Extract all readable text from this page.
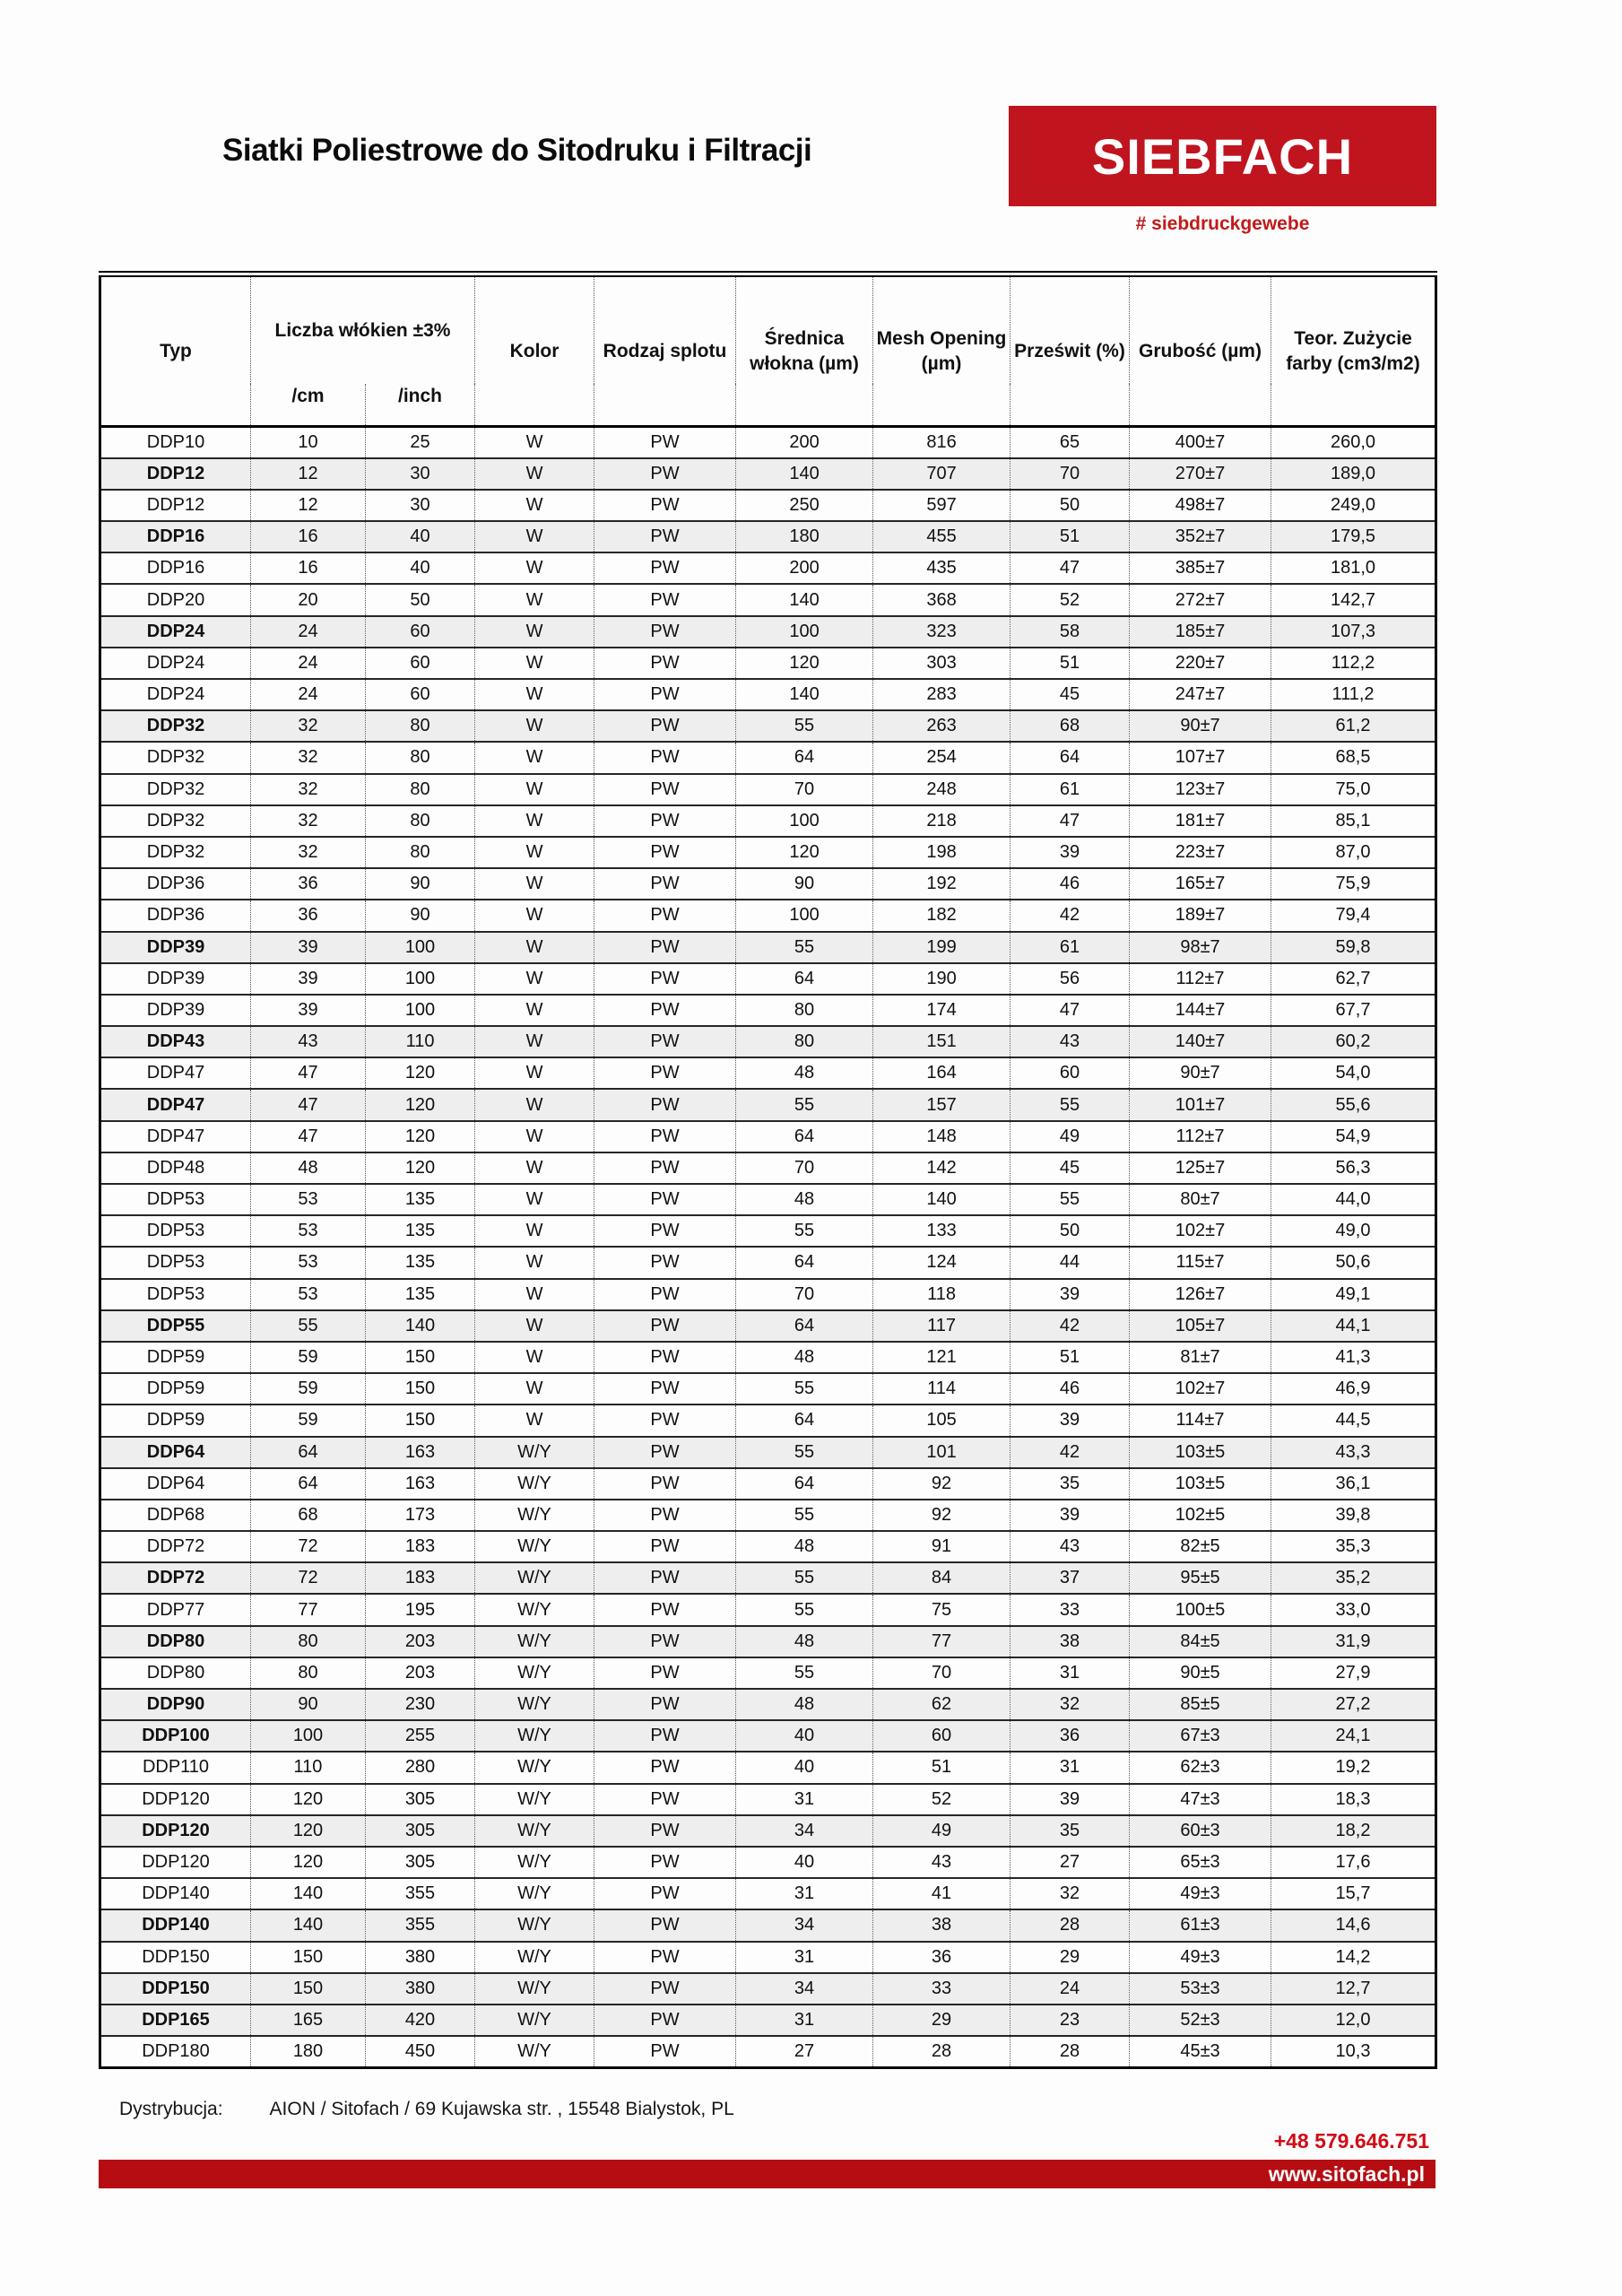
Siatki Poliestrowe do Sitodruku i Filtracji	SIEBFACH
# siebdruckgewebe
Typ	Liczba włókien ±3%		Kolor	Rodzaj splotu	Średnica włokna (µm)	Mesh Opening (µm)	Prześwit (%)	Grubość (µm)	Teor. Zużycie farby (cm3/m2)
	/cm	/inch							
DDP10	10	25	W	PW	200	816	65	400±7	260,0
DDP12	12	30	W	PW	140	707	70	270±7	189,0
DDP12	12	30	W	PW	250	597	50	498±7	249,0
DDP16	16	40	W	PW	180	455	51	352±7	179,5
DDP16	16	40	W	PW	200	435	47	385±7	181,0
DDP20	20	50	W	PW	140	368	52	272±7	142,7
DDP24	24	60	W	PW	100	323	58	185±7	107,3
DDP24	24	60	W	PW	120	303	51	220±7	112,2
DDP24	24	60	W	PW	140	283	45	247±7	111,2
DDP32	32	80	W	PW	55	263	68	90±7	61,2
DDP32	32	80	W	PW	64	254	64	107±7	68,5
DDP32	32	80	W	PW	70	248	61	123±7	75,0
DDP32	32	80	W	PW	100	218	47	181±7	85,1
DDP32	32	80	W	PW	120	198	39	223±7	87,0
DDP36	36	90	W	PW	90	192	46	165±7	75,9
DDP36	36	90	W	PW	100	182	42	189±7	79,4
DDP39	39	100	W	PW	55	199	61	98±7	59,8
DDP39	39	100	W	PW	64	190	56	112±7	62,7
DDP39	39	100	W	PW	80	174	47	144±7	67,7
DDP43	43	110	W	PW	80	151	43	140±7	60,2
DDP47	47	120	W	PW	48	164	60	90±7	54,0
DDP47	47	120	W	PW	55	157	55	101±7	55,6
DDP47	47	120	W	PW	64	148	49	112±7	54,9
DDP48	48	120	W	PW	70	142	45	125±7	56,3
DDP53	53	135	W	PW	48	140	55	80±7	44,0
DDP53	53	135	W	PW	55	133	50	102±7	49,0
DDP53	53	135	W	PW	64	124	44	115±7	50,6
DDP53	53	135	W	PW	70	118	39	126±7	49,1
DDP55	55	140	W	PW	64	117	42	105±7	44,1
DDP59	59	150	W	PW	48	121	51	81±7	41,3
DDP59	59	150	W	PW	55	114	46	102±7	46,9
DDP59	59	150	W	PW	64	105	39	114±7	44,5
DDP64	64	163	W/Y	PW	55	101	42	103±5	43,3
DDP64	64	163	W/Y	PW	64	92	35	103±5	36,1
DDP68	68	173	W/Y	PW	55	92	39	102±5	39,8
DDP72	72	183	W/Y	PW	48	91	43	82±5	35,3
DDP72	72	183	W/Y	PW	55	84	37	95±5	35,2
DDP77	77	195	W/Y	PW	55	75	33	100±5	33,0
DDP80	80	203	W/Y	PW	48	77	38	84±5	31,9
DDP80	80	203	W/Y	PW	55	70	31	90±5	27,9
DDP90	90	230	W/Y	PW	48	62	32	85±5	27,2
DDP100	100	255	W/Y	PW	40	60	36	67±3	24,1
DDP110	110	280	W/Y	PW	40	51	31	62±3	19,2
DDP120	120	305	W/Y	PW	31	52	39	47±3	18,3
DDP120	120	305	W/Y	PW	34	49	35	60±3	18,2
DDP120	120	305	W/Y	PW	40	43	27	65±3	17,6
DDP140	140	355	W/Y	PW	31	41	32	49±3	15,7
DDP140	140	355	W/Y	PW	34	38	28	61±3	14,6
DDP150	150	380	W/Y	PW	31	36	29	49±3	14,2
DDP150	150	380	W/Y	PW	34	33	24	53±3	12,7
DDP165	165	420	W/Y	PW	31	29	23	52±3	12,0
DDP180	180	450	W/Y	PW	27	28	28	45±3	10,3
Dystrybucja: AION / Sitofach / 69 Kujawska str. , 15548 Bialystok, PL
+48 579.646.751
www.sitofach.pl
